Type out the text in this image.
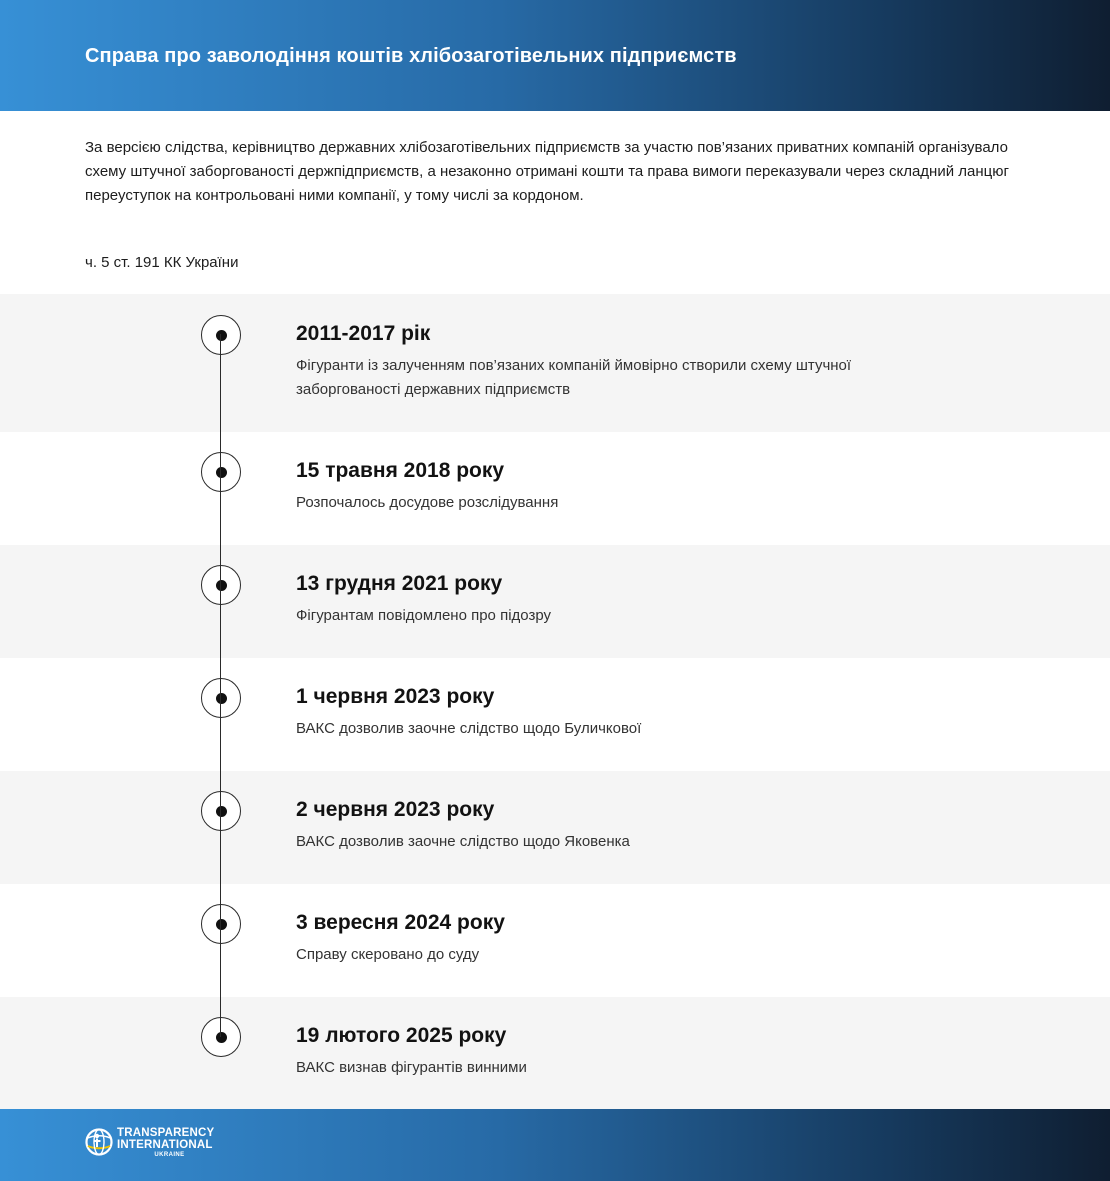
Справа про заволодіння коштів хлібозаготівельних підприємств

За версією слідства, керівництво державних хлібозаготівельних підприємств за участю пов’язаних приватних компаній організувало схему штучної заборгованості держпідприємств, а незаконно отримані кошти та права вимоги переказували через складний ланцюг переуступок на контрольовані ними компанії, у тому числі за кордоном.

ч. 5 ст. 191 КК України

2011-2017 рік
Фігуранти із залученням пов’язаних компаній ймовірно створили схему штучної заборгованості державних підприємств
15 травня 2018 року
Розпочалось досудове розслідування
13 грудня 2021 року
Фігурантам повідомлено про підозру
1 червня 2023 року
ВАКС дозволив заочне слідство щодо Буличкової
2 червня 2023 року
ВАКС дозволив заочне слідство щодо Яковенка
3 вересня 2024 року
Справу скеровано до суду
19 лютого 2025 року
ВАКС визнав фігурантів винними
TRANSPARENCY
INTERNATIONAL
UKRAINE
